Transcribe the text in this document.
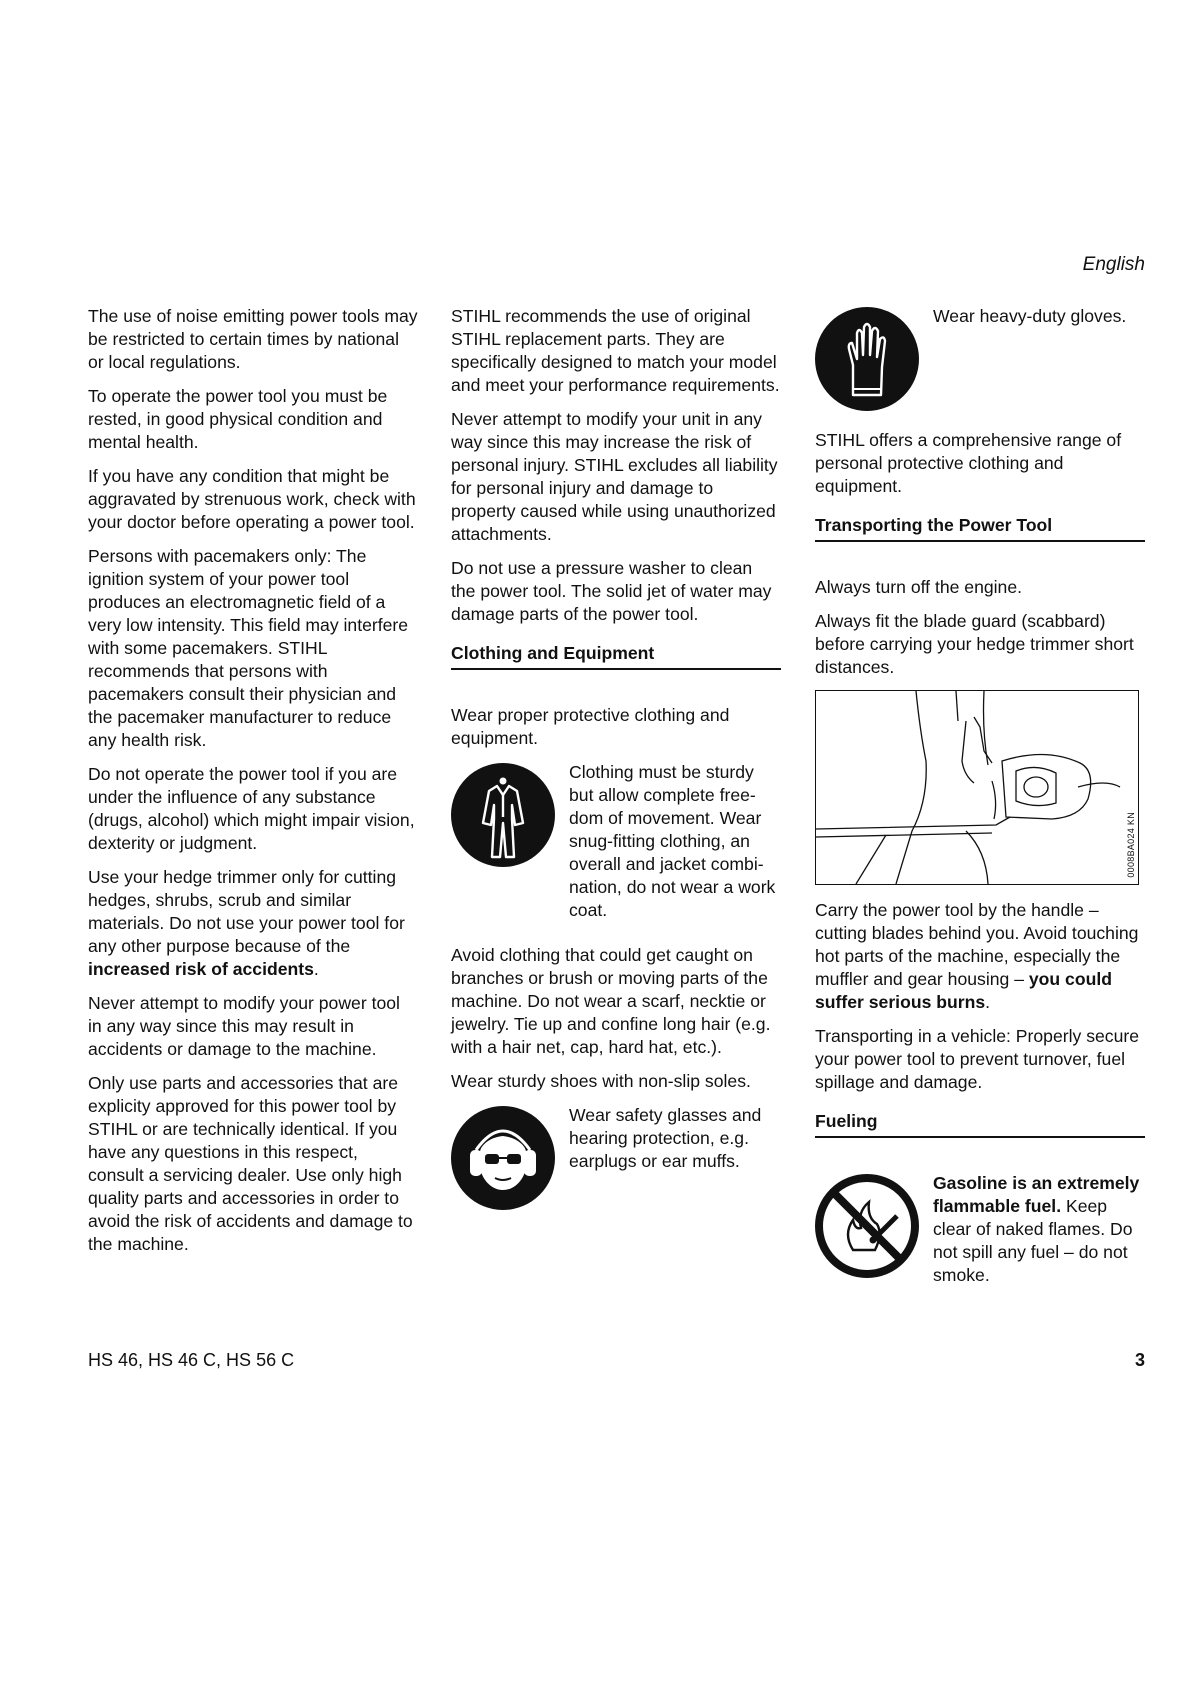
English

The use of noise emitting power tools may be restricted to certain times by national or local regulations.

To operate the power tool you must be rested, in good physical condition and mental health.

If you have any condition that might be aggravated by strenuous work, check with your doctor before operating a power tool.

Persons with pacemakers only: The ignition system of your power tool produces an electromagnetic field of a very low intensity. This field may interfere with some pacemakers. STIHL recommends that persons with pacemakers consult their physician and the pacemaker manufacturer to reduce any health risk.

Do not operate the power tool if you are under the influence of any substance (drugs, alcohol) which might impair vision, dexterity or judgment.

Use your hedge trimmer only for cutting hedges, shrubs, scrub and similar materials. Do not use your power tool for any other purpose because of the increased risk of accidents.

Never attempt to modify your power tool in any way since this may result in accidents or damage to the machine.

Only use parts and accessories that are explicity approved for this power tool by STIHL or are technically identical. If you have any questions in this respect, consult a servicing dealer. Use only high quality parts and accessories in order to avoid the risk of accidents and damage to the machine.

STIHL recommends the use of original STIHL replacement parts. They are specifically designed to match your model and meet your performance requirements.

Never attempt to modify your unit in any way since this may increase the risk of personal injury. STIHL excludes all liability for personal injury and damage to property caused while using unauthorized attachments.

Do not use a pressure washer to clean the power tool. The solid jet of water may damage parts of the power tool.

Clothing and Equipment

Wear proper protective clothing and equipment.

Clothing must be sturdy but allow complete free-dom of movement. Wear snug-fitting clothing, an overall and jacket combi-nation, do not wear a work coat.

Avoid clothing that could get caught on branches or brush or moving parts of the machine. Do not wear a scarf, necktie or jewelry. Tie up and confine long hair (e.g. with a hair net, cap, hard hat, etc.).

Wear sturdy shoes with non-slip soles.

Wear safety glasses and hearing protection, e.g. earplugs or ear muffs.
Wear heavy-duty gloves.

STIHL offers a comprehensive range of personal protective clothing and equipment.

Transporting the Power Tool

Always turn off the engine.

Always fit the blade guard (scabbard) before carrying your hedge trimmer short distances.

0008BA024 KN

Carry the power tool by the handle – cutting blades behind you. Avoid touching hot parts of the machine, especially the muffler and gear housing – you could suffer serious burns.

Transporting in a vehicle: Properly secure your power tool to prevent turnover, fuel spillage and damage.

Fueling
Gasoline is an extremely flammable fuel. Keep clear of naked flames. Do not spill any fuel – do not smoke.
HS 46, HS 46 C, HS 56 C	3
